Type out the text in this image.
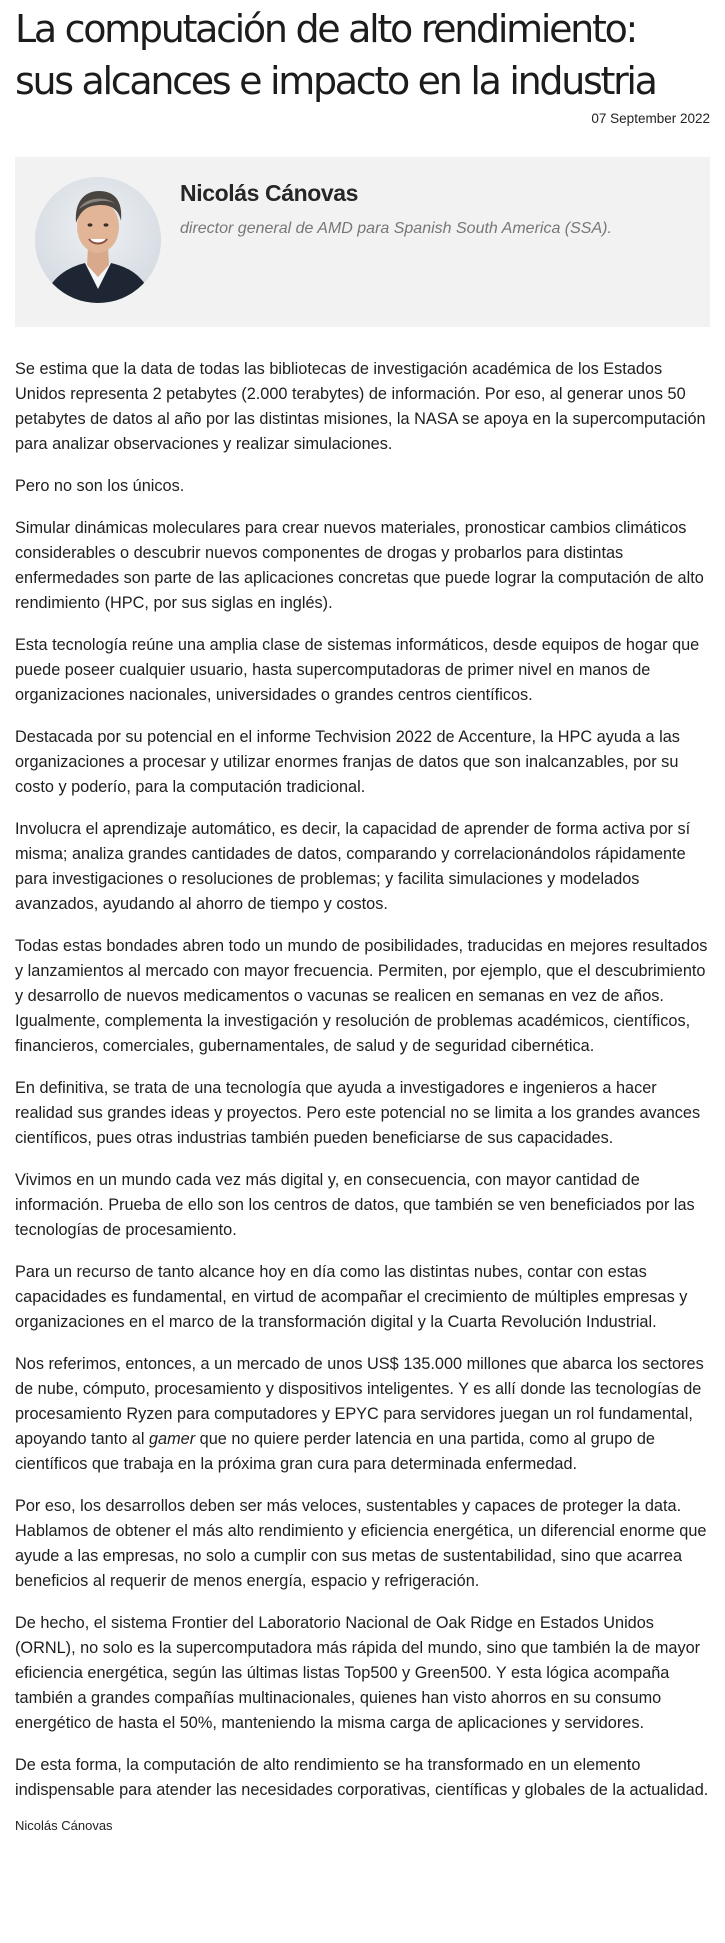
La computación de alto rendimiento:
sus alcances e impacto en la industria
07 September 2022
Nicolás Cánovas
director general de AMD para Spanish South America (SSA).

Se estima que la data de todas las bibliotecas de investigación académica de los Estados Unidos representa 2 petabytes (2.000 terabytes) de información. Por eso, al generar unos 50 petabytes de datos al año por las distintas misiones, la NASA se apoya en la supercomputación para analizar observaciones y realizar simulaciones.

Pero no son los únicos.

Simular dinámicas moleculares para crear nuevos materiales, pronosticar cambios climáticos considerables o descubrir nuevos componentes de drogas y probarlos para distintas enfermedades son parte de las aplicaciones concretas que puede lograr la computación de alto rendimiento (HPC, por sus siglas en inglés).

Esta tecnología reúne una amplia clase de sistemas informáticos, desde equipos de hogar que puede poseer cualquier usuario, hasta supercomputadoras de primer nivel en manos de organizaciones nacionales, universidades o grandes centros científicos.

Destacada por su potencial en el informe Techvision 2022 de Accenture, la HPC ayuda a las organizaciones a procesar y utilizar enormes franjas de datos que son inalcanzables, por su costo y poderío, para la computación tradicional.

Involucra el aprendizaje automático, es decir, la capacidad de aprender de forma activa por sí misma; analiza grandes cantidades de datos, comparando y correlacionándolos rápidamente para investigaciones o resoluciones de problemas; y facilita simulaciones y modelados avanzados, ayudando al ahorro de tiempo y costos.

Todas estas bondades abren todo un mundo de posibilidades, traducidas en mejores resultados y lanzamientos al mercado con mayor frecuencia. Permiten, por ejemplo, que el descubrimiento y desarrollo de nuevos medicamentos o vacunas se realicen en semanas en vez de años. Igualmente, complementa la investigación y resolución de problemas académicos, científicos, financieros, comerciales, gubernamentales, de salud y de seguridad cibernética.

En definitiva, se trata de una tecnología que ayuda a investigadores e ingenieros a hacer realidad sus grandes ideas y proyectos. Pero este potencial no se limita a los grandes avances científicos, pues otras industrias también pueden beneficiarse de sus capacidades.

Vivimos en un mundo cada vez más digital y, en consecuencia, con mayor cantidad de información. Prueba de ello son los centros de datos, que también se ven beneficiados por las tecnologías de procesamiento.

Para un recurso de tanto alcance hoy en día como las distintas nubes, contar con estas capacidades es fundamental, en virtud de acompañar el crecimiento de múltiples empresas y organizaciones en el marco de la transformación digital y la Cuarta Revolución Industrial.

Nos referimos, entonces, a un mercado de unos US$ 135.000 millones que abarca los sectores de nube, cómputo, procesamiento y dispositivos inteligentes. Y es allí donde las tecnologías de procesamiento Ryzen para computadores y EPYC para servidores juegan un rol fundamental, apoyando tanto al gamer que no quiere perder latencia en una partida, como al grupo de científicos que trabaja en la próxima gran cura para determinada enfermedad.

Por eso, los desarrollos deben ser más veloces, sustentables y capaces de proteger la data. Hablamos de obtener el más alto rendimiento y eficiencia energética, un diferencial enorme que ayude a las empresas, no solo a cumplir con sus metas de sustentabilidad, sino que acarrea beneficios al requerir de menos energía, espacio y refrigeración.

De hecho, el sistema Frontier del Laboratorio Nacional de Oak Ridge en Estados Unidos (ORNL), no solo es la supercomputadora más rápida del mundo, sino que también la de mayor eficiencia energética, según las últimas listas Top500 y Green500. Y esta lógica acompaña también a grandes compañías multinacionales, quienes han visto ahorros en su consumo energético de hasta el 50%, manteniendo la misma carga de aplicaciones y servidores.

De esta forma, la computación de alto rendimiento se ha transformado en un elemento indispensable para atender las necesidades corporativas, científicas y globales de la actualidad.

Nicolás Cánovas
